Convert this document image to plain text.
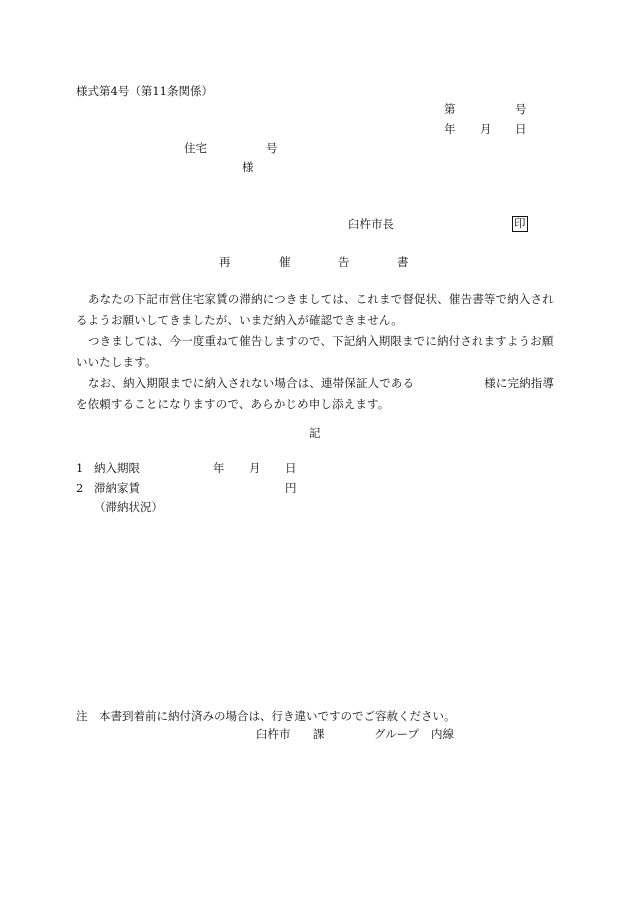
様式第4号（第11条関係）
第	号
年 月 日
住宅	号
様
臼杵市長	印
再	催	告	書
あなたの下記市営住宅家賃の滞納につきましては、これまで督促状、催告書等で納入されるようお願いしてきましたが、いまだ納入が確認できません。
つきましては、今一度重ねて催告しますので、下記納入期限までに納付されますようお願いいたします。
なお、納入期限までに納入されない場合は、連帯保証人である	様に完納指導を依頼することになりますので、あらかじめ申し添えます。
記
1 納入期限	年 月 日
2 滞納家賃	円
（滞納状況）
注　本書到着前に納付済みの場合は、行き違いですのでご容赦ください。
臼杵市 課	グループ 内線
